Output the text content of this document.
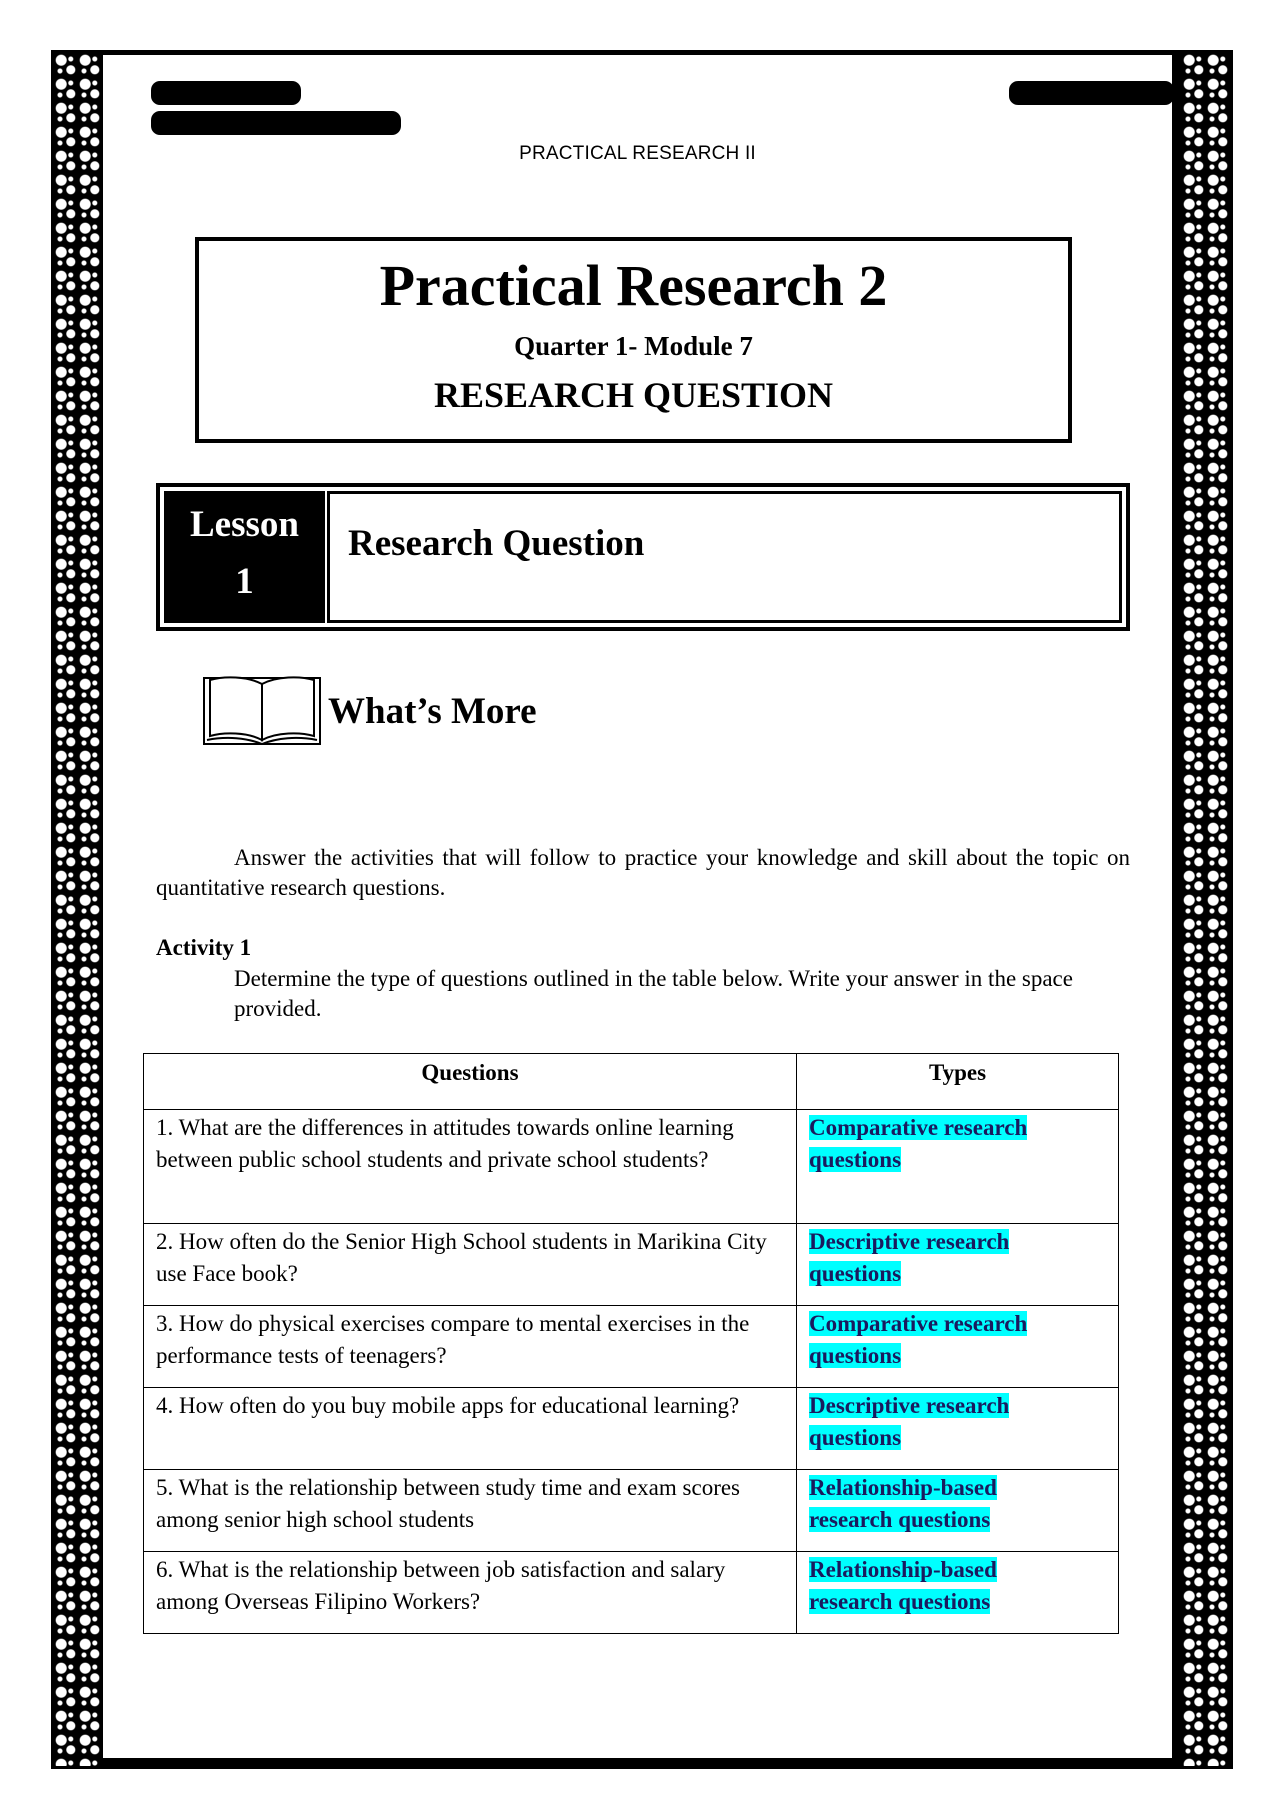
PRACTICAL RESEARCH II
Practical Research 2
Quarter 1- Module 7
RESEARCH QUESTION
Lesson
1
Research Question
What’s More
Answer the activities that will follow to practice your knowledge and skill about the topic on quantitative research questions.
Activity 1
Determine the type of questions outlined in the table below. Write your answer in the space provided.
Questions	Types
1. What are the differences in attitudes towards online learning between public school students and private school students?	Comparative research
questions
2. How often do the Senior High School students in Marikina City use Face book?	Descriptive research
questions
3. How do physical exercises compare to mental exercises in the performance tests of teenagers?	Comparative research
questions
4. How often do you buy mobile apps for educational learning?	Descriptive research
questions
5. What is the relationship between study time and exam scores among senior high school students	Relationship-based
research questions
6. What is the relationship between job satisfaction and salary among Overseas Filipino Workers?	Relationship-based
research questions
